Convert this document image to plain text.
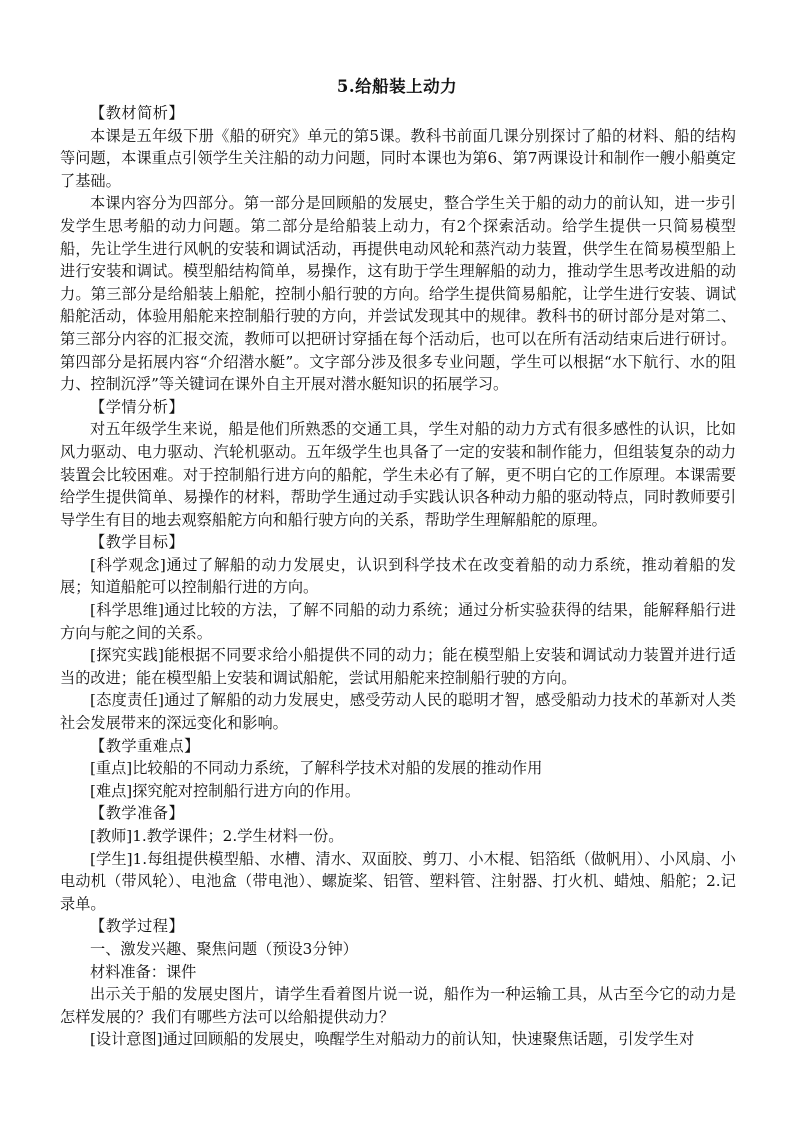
5.给船装上动力

【教材简析】

本课是五年级下册《船的研究》单元的第5课。教科书前面几课分别探讨了船的材料、船的结构等问题，本课重点引领学生关注船的动力问题，同时本课也为第6、第7两课设计和制作一艘小船奠定了基础。

本课内容分为四部分。第一部分是回顾船的发展史，整合学生关于船的动力的前认知，进一步引发学生思考船的动力问题。第二部分是给船装上动力，有2个探索活动。给学生提供一只简易模型船，先让学生进行风帆的安装和调试活动，再提供电动风轮和蒸汽动力装置，供学生在简易模型船上进行安装和调试。模型船结构简单，易操作，这有助于学生理解船的动力，推动学生思考改进船的动力。第三部分是给船装上船舵，控制小船行驶的方向。给学生提供简易船舵，让学生进行安装、调试船舵活动，体验用船舵来控制船行驶的方向，并尝试发现其中的规律。教科书的研讨部分是对第二、第三部分内容的汇报交流，教师可以把研讨穿插在每个活动后，也可以在所有活动结束后进行研讨。第四部分是拓展内容“介绍潜水艇”。文字部分涉及很多专业问题，学生可以根据“水下航行、水的阻力、控制沉浮”等关键词在课外自主开展对潜水艇知识的拓展学习。

【学情分析】

对五年级学生来说，船是他们所熟悉的交通工具，学生对船的动力方式有很多感性的认识，比如风力驱动、电力驱动、汽轮机驱动。五年级学生也具备了一定的安装和制作能力，但组装复杂的动力装置会比较困难。对于控制船行进方向的船舵，学生未必有了解，更不明白它的工作原理。本课需要给学生提供简单、易操作的材料，帮助学生通过动手实践认识各种动力船的驱动特点，同时教师要引导学生有目的地去观察船舵方向和船行驶方向的关系，帮助学生理解船舵的原理。

【教学目标】

[科学观念]通过了解船的动力发展史，认识到科学技术在改变着船的动力系统，推动着船的发展；知道船舵可以控制船行进的方向。

[科学思维]通过比较的方法，了解不同船的动力系统；通过分析实验获得的结果，能解释船行进方向与舵之间的关系。

[探究实践]能根据不同要求给小船提供不同的动力；能在模型船上安装和调试动力装置并进行适当的改进；能在模型船上安装和调试船舵，尝试用船舵来控制船行驶的方向。

[态度责任]通过了解船的动力发展史，感受劳动人民的聪明才智，感受船动力技术的革新对人类社会发展带来的深远变化和影响。

【教学重难点】

[重点]比较船的不同动力系统，了解科学技术对船的发展的推动作用

[难点]探究舵对控制船行进方向的作用。

【教学准备】

[教师]1.教学课件；2.学生材料一份。

[学生]1.每组提供模型船、水槽、清水、双面胶、剪刀、小木棍、铝箔纸（做帆用）、小风扇、小电动机（带风轮）、电池盒（带电池）、螺旋桨、铝管、塑料管、注射器、打火机、蜡烛、船舵；2.记录单。

【教学过程】

一、激发兴趣、聚焦问题（预设3分钟）

材料准备：课件

出示关于船的发展史图片，请学生看着图片说一说，船作为一种运输工具，从古至今它的动力是怎样发展的？我们有哪些方法可以给船提供动力？

[设计意图]通过回顾船的发展史，唤醒学生对船动力的前认知，快速聚焦话题，引发学生对
